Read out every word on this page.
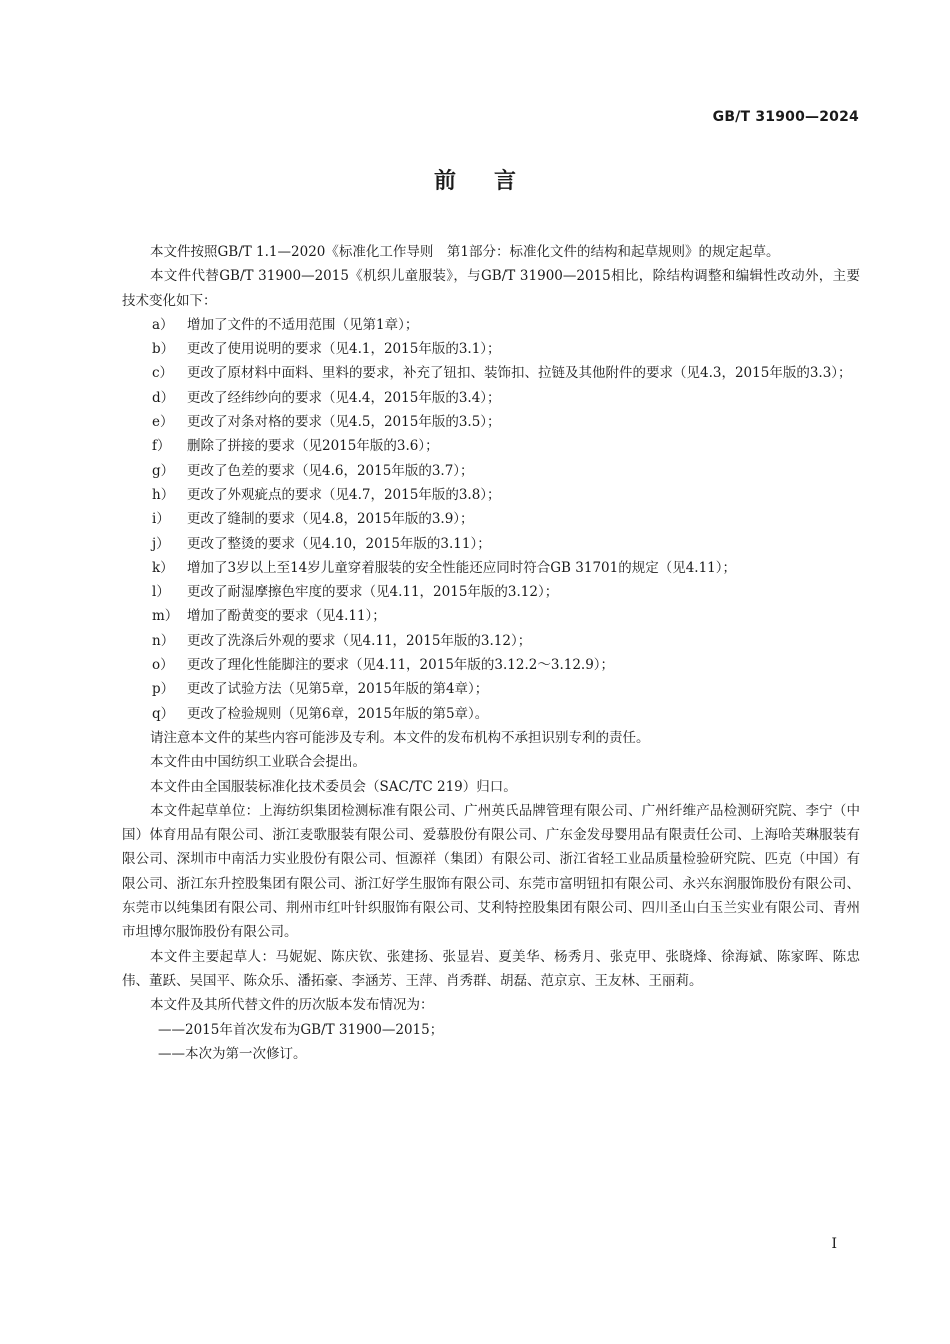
GB/T 31900—2024
前言

本文件按照GB/T 1.1—2020《标准化工作导则　第1部分：标准化文件的结构和起草规则》的规定起草。

本文件代替GB/T 31900—2015《机织儿童服装》，与GB/T 31900—2015相比，除结构调整和编辑性改动外，主要技术变化如下：

a） 增加了文件的不适用范围（见第1章）；

b） 更改了使用说明的要求（见4.1，2015年版的3.1）；

c） 更改了原材料中面料、里料的要求，补充了钮扣、装饰扣、拉链及其他附件的要求（见4.3，2015年版的3.3）；

d） 更改了经纬纱向的要求（见4.4，2015年版的3.4）；

e） 更改了对条对格的要求（见4.5，2015年版的3.5）；

f） 删除了拼接的要求（见2015年版的3.6）；

g） 更改了色差的要求（见4.6，2015年版的3.7）；

h） 更改了外观疵点的要求（见4.7，2015年版的3.8）；

i） 更改了缝制的要求（见4.8，2015年版的3.9）；

j） 更改了整烫的要求（见4.10，2015年版的3.11）；

k） 增加了3岁以上至14岁儿童穿着服装的安全性能还应同时符合GB 31701的规定（见4.11）；

l） 更改了耐湿摩擦色牢度的要求（见4.11，2015年版的3.12）；

m） 增加了酚黄变的要求（见4.11）；

n） 更改了洗涤后外观的要求（见4.11，2015年版的3.12）；

o） 更改了理化性能脚注的要求（见4.11，2015年版的3.12.2～3.12.9）；

p） 更改了试验方法（见第5章，2015年版的第4章）；

q） 更改了检验规则（见第6章，2015年版的第5章）。

请注意本文件的某些内容可能涉及专利。本文件的发布机构不承担识别专利的责任。

本文件由中国纺织工业联合会提出。

本文件由全国服装标准化技术委员会（SAC/TC 219）归口。

本文件起草单位：上海纺织集团检测标准有限公司、广州英氏品牌管理有限公司、广州纤维产品检测研究院、李宁（中国）体育用品有限公司、浙江麦歌服装有限公司、爱慕股份有限公司、广东金发母婴用品有限责任公司、上海哈芙琳服装有限公司、深圳市中南活力实业股份有限公司、恒源祥（集团）有限公司、浙江省轻工业品质量检验研究院、匹克（中国）有限公司、浙江东升控股集团有限公司、浙江好学生服饰有限公司、东莞市富明钮扣有限公司、永兴东润服饰股份有限公司、东莞市以纯集团有限公司、荆州市红叶针织服饰有限公司、艾利特控股集团有限公司、四川圣山白玉兰实业有限公司、青州市坦博尔服饰股份有限公司。

本文件主要起草人：马妮妮、陈庆钦、张建扬、张显岩、夏美华、杨秀月、张克甲、张晓烽、徐海斌、陈家晖、陈忠伟、董跃、吴国平、陈众乐、潘拓豪、李涵芳、王萍、肖秀群、胡磊、范京京、王友林、王丽莉。

本文件及其所代替文件的历次版本发布情况为：

——2015年首次发布为GB/T 31900—2015；

——本次为第一次修订。

I
